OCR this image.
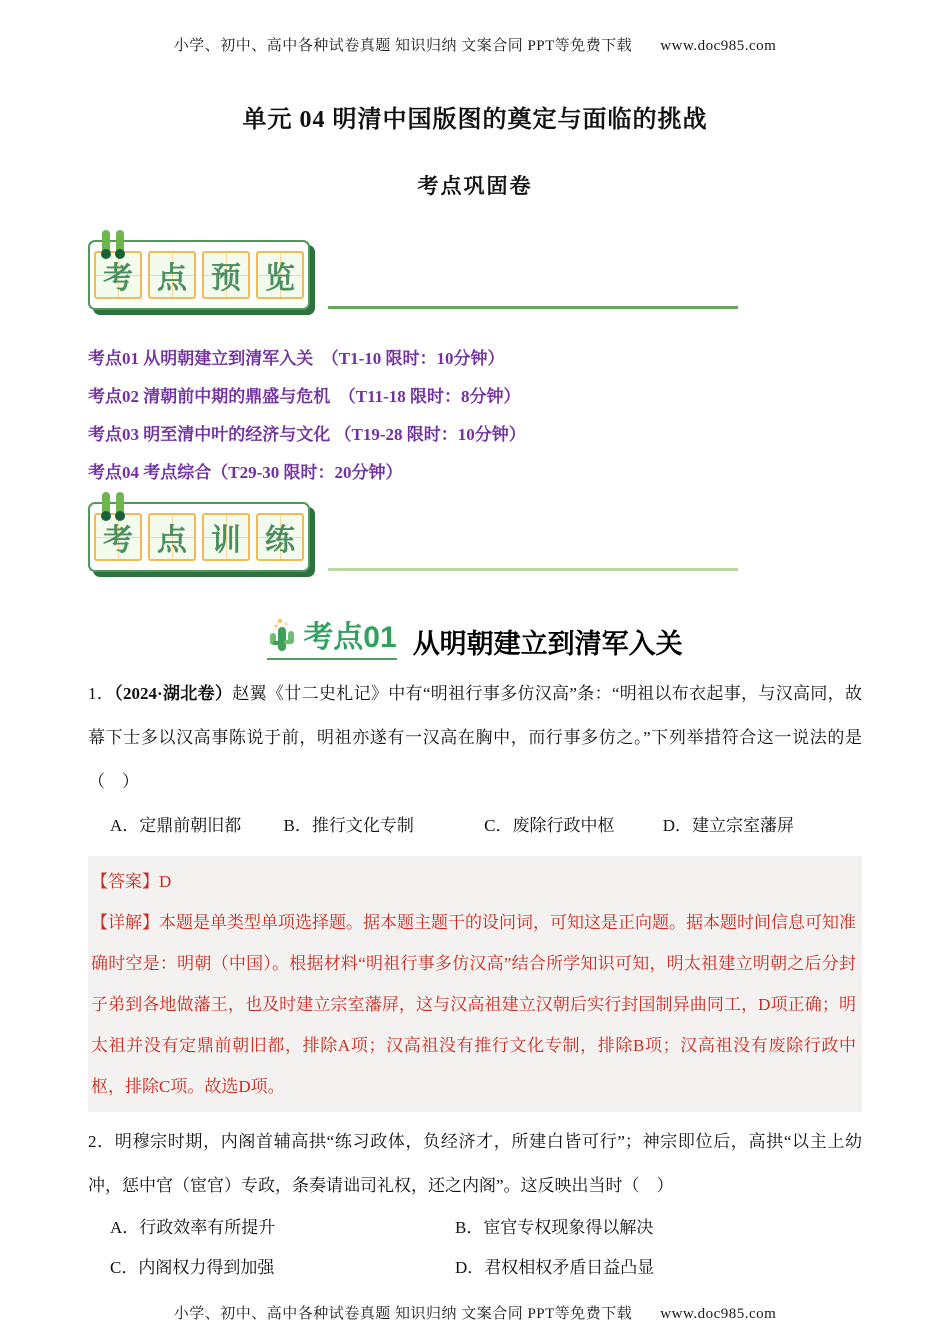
小学、初中、高中各种试卷真题 知识归纳 文案合同 PPT等免费下载 www.doc985.com
单元 04 明清中国版图的奠定与面临的挑战
考点巩固卷
考 点 预 览
考点01 从明朝建立到清军入关　（T1-10 限时：10分钟）
考点02 清朝前中期的鼎盛与危机　（T11-18 限时：8分钟）
考点03 明至清中叶的经济与文化 （T19-28 限时：10分钟）
考点04 考点综合（T29-30 限时：20分钟）
考 点 训 练
考点01 从明朝建立到清军入关
1．（2024·湖北卷）赵翼《廿二史札记》中有“明祖行事多仿汉高”条：“明祖以布衣起事，与汉高同，故幕下士多以汉高事陈说于前，明祖亦遂有一汉高在胸中，而行事多仿之。”下列举措符合这一说法的是（　）
A．定鼎前朝旧都 B．推行文化专制	C．废除行政中枢	D．建立宗室藩屏
【答案】D
【详解】本题是单类型单项选择题。据本题主题干的设问词，可知这是正向题。据本题时间信息可知准确时空是：明朝（中国）。根据材料“明祖行事多仿汉高”结合所学知识可知，明太祖建立明朝之后分封子弟到各地做藩王，也及时建立宗室藩屏，这与汉高祖建立汉朝后实行封国制异曲同工，D项正确；明太祖并没有定鼎前朝旧都，排除A项；汉高祖没有推行文化专制，排除B项；汉高祖没有废除行政中枢，排除C项。故选D项。
2．明穆宗时期，内阁首辅高拱“练习政体，负经济才，所建白皆可行”；神宗即位后，高拱“以主上幼冲，惩中官（宦官）专政，条奏请诎司礼权，还之内阁”。这反映出当时（　）
A．行政效率有所提升	B．宦官专权现象得以解决
C．内阁权力得到加强	D．君权相权矛盾日益凸显
小学、初中、高中各种试卷真题 知识归纳 文案合同 PPT等免费下载 www.doc985.com
